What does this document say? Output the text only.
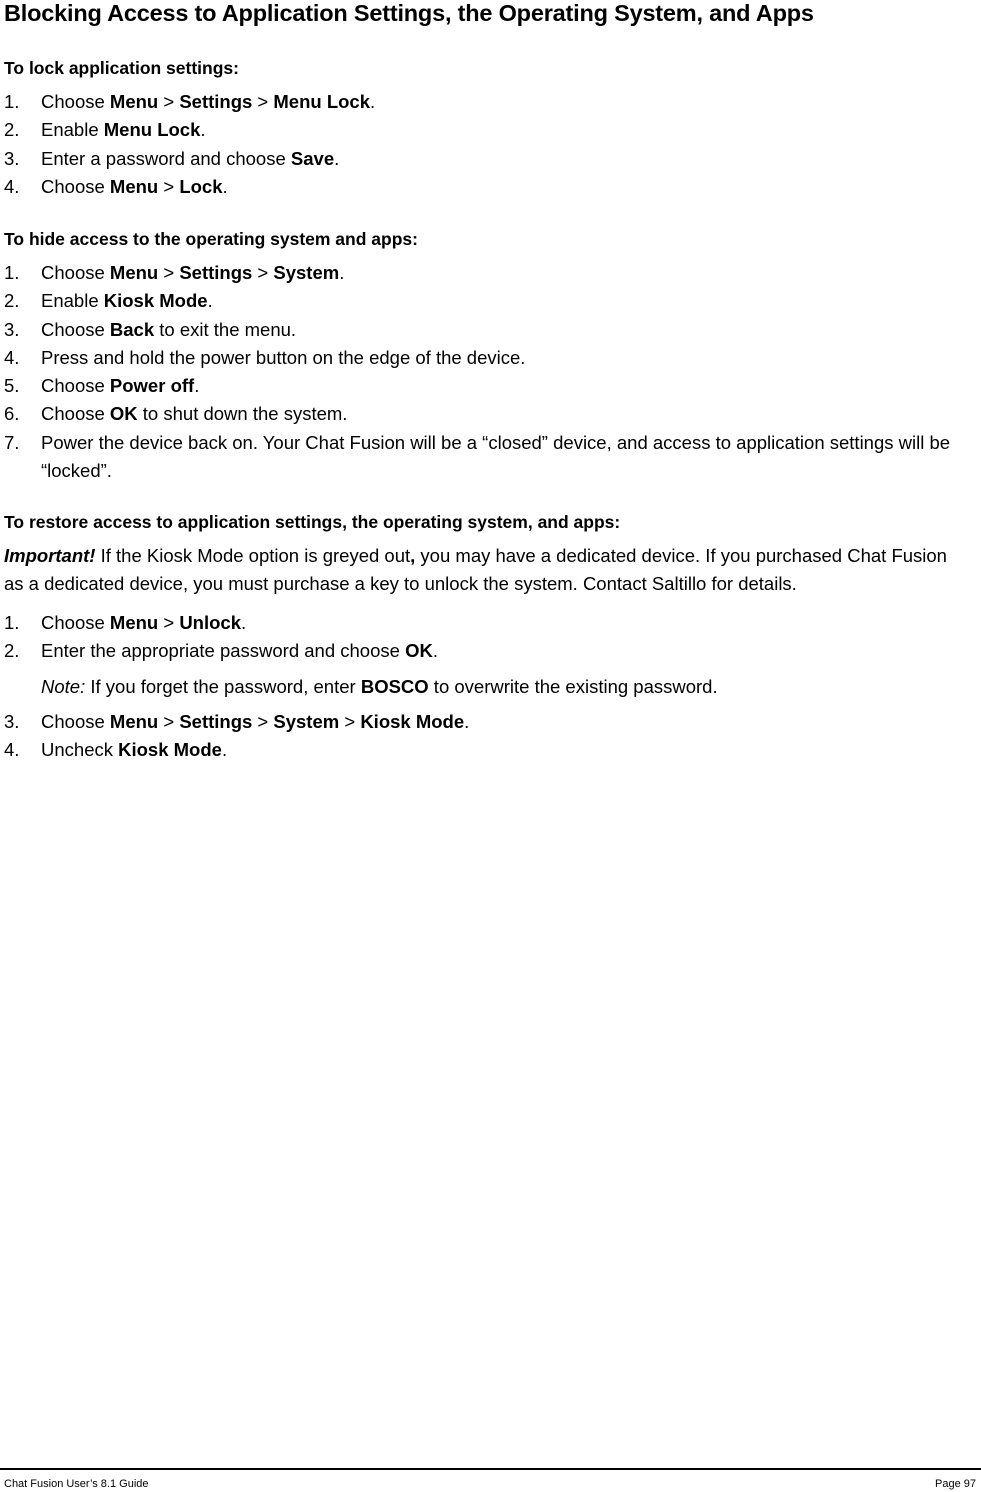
Blocking Access to Application Settings, the Operating System, and Apps

To lock application settings:

1. Choose Menu > Settings > Menu Lock.
2. Enable Menu Lock.
3. Enter a password and choose Save.
4. Choose Menu > Lock.

To hide access to the operating system and apps:

1. Choose Menu > Settings > System.
2. Enable Kiosk Mode.
3. Choose Back to exit the menu.
4. Press and hold the power button on the edge of the device.
5. Choose Power off.
6. Choose OK to shut down the system.
7. Power the device back on. Your Chat Fusion will be a “closed” device, and access to application settings will be “locked”.

To restore access to application settings, the operating system, and apps:

Important! If the Kiosk Mode option is greyed out, you may have a dedicated device. If you purchased Chat Fusion as a dedicated device, you must purchase a key to unlock the system. Contact Saltillo for details.

1. Choose Menu > Unlock.
2. Enter the appropriate password and choose OK.

Note: If you forget the password, enter BOSCO to overwrite the existing password.

3. Choose Menu > Settings > System > Kiosk Mode.
4. Uncheck Kiosk Mode.
Chat Fusion User’s 8.1 Guide	Page 97
